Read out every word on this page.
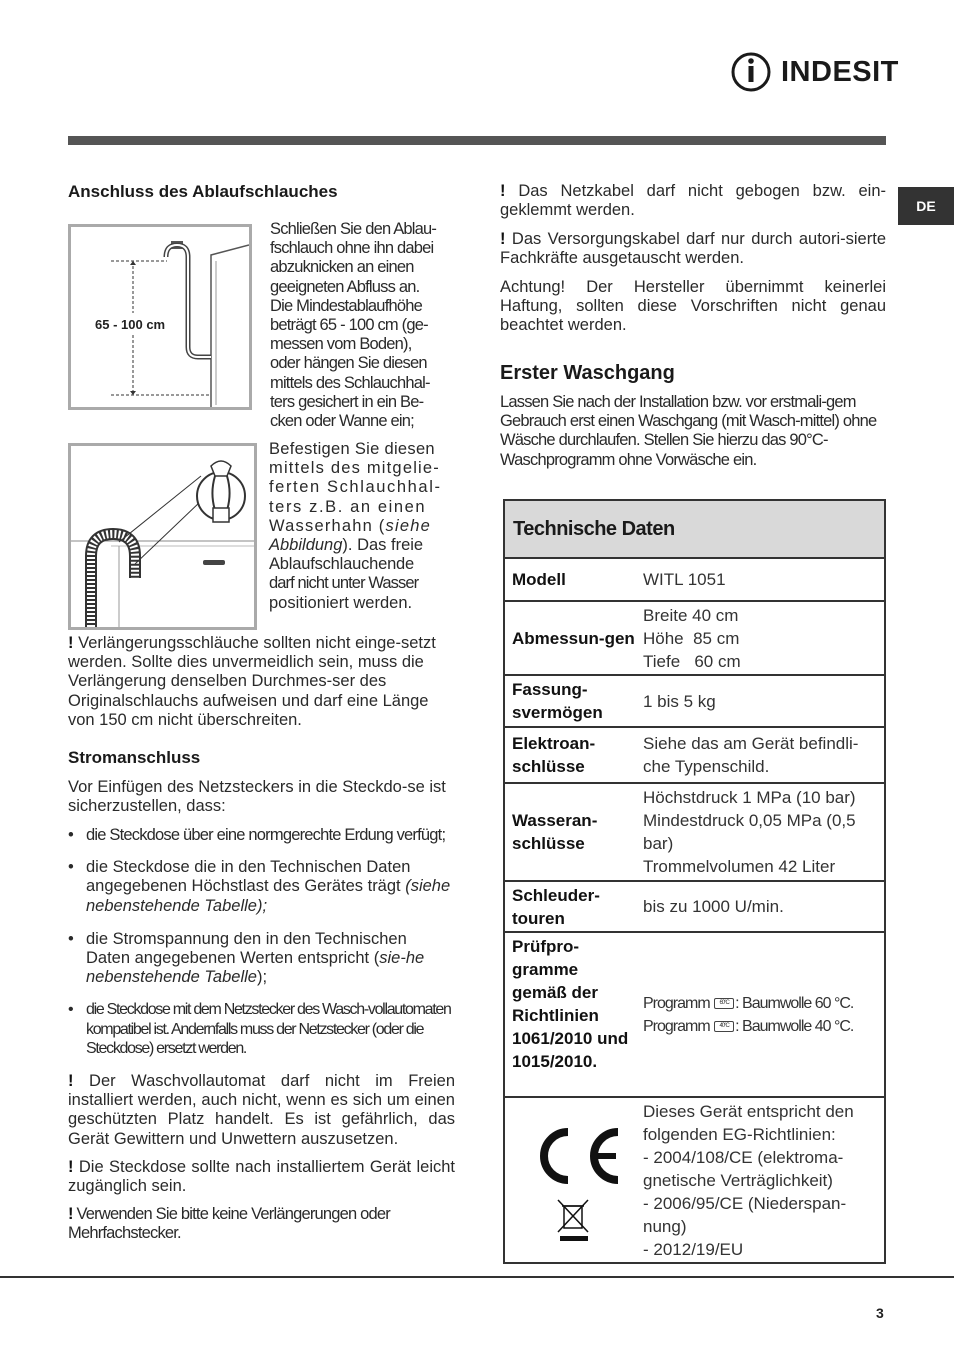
INDESIT
DE
Anschluss des Ablaufschlauches
65 - 100 cm

Schließen Sie den Ablau-

fschlauch ohne ihn dabei

abzuknicken an einen

geeigneten Abfluss an.

Die Mindestablaufhöhe

beträgt 65 - 100 cm (ge-

messen vom Boden),

oder hängen Sie diesen

mittels des Schlauchhal-

ters gesichert in ein Be-

cken oder Wanne ein;

Befestigen Sie diesen

mittels des mitgelie-

ferten Schlauchhal-

ters z.B. an einen

Wasserhahn (siehe

Abbildung). Das freie

Ablaufschlauchende

darf nicht unter Wasser

positioniert werden.

! Verlängerungsschläuche sollten nicht einge-setzt werden. Sollte dies unvermeidlich sein, muss die Verlängerung denselben Durchmes-ser des Originalschlauchs aufweisen und darf eine Länge von 150 cm nicht überschreiten.

Stromanschluss

Vor Einfügen des Netzsteckers in die Steckdo-se ist sicherzustellen, dass:

• die Steckdose über eine normgerechte Erdung verfügt;
• die Steckdose die in den Technischen Daten angegebenen Höchstlast des Gerätes trägt (siehe nebenstehende Tabelle);
• die Stromspannung den in den Technischen Daten angegebenen Werten entspricht (sie-he nebenstehende Tabelle);
• die Steckdose mit dem Netzstecker des Wasch-vollautomaten kompatibel ist. Andernfalls muss der Netzstecker (oder die Steckdose) ersetzt werden.

! Der Waschvollautomat darf nicht im Freien installiert werden, auch nicht, wenn es sich um einen geschützten Platz handelt. Es ist gefährlich, das Gerät Gewittern und Unwettern auszusetzen.

! Die Steckdose sollte nach installiertem Gerät leicht zugänglich sein.

! Verwenden Sie bitte keine Verlängerungen oder Mehrfachstecker.

! Das Netzkabel darf nicht gebogen bzw. ein-geklemmt werden.

! Das Versorgungskabel darf nur durch autori-sierte Fachkräfte ausgetauscht werden.

Achtung! Der Hersteller übernimmt keinerlei Haftung, sollten diese Vorschriften nicht genau beachtet werden.

Erster Waschgang

Lassen Sie nach der Installation bzw. vor erstmali-gem Gebrauch erst einen Waschgang (mit Wasch-mittel) ohne Wäsche durchlaufen. Stellen Sie hierzu das 90°C-Waschprogramm ohne Vorwäsche ein.

Technische Daten
Modell	WITL 1051
Abmessun-gen
Breite 40 cm
Höhe  85 cm
Tiefe   60 cm
Fassung-svermögen
1 bis 5 kg
Elektroan-schlüsse
Siehe das am Gerät befindli-che Typenschild.
Wasseran-schlüsse
Höchstdruck 1 MPa (10 bar)
Mindestdruck 0,05 MPa (0,5 bar)
Trommelvolumen 42 Liter
Schleuder-touren
bis zu 1000 U/min.
Prüfpro-gramme gemäß der Richtlinien 1061/2010 und 1015/2010.
Programm 60°C : Baumwolle 60 °C.
Programm 40°C : Baumwolle 40 °C.
Dieses Gerät entspricht den folgenden EG-Richtlinien:
- 2004/108/CE (elektroma-gnetische Verträglichkeit)
- 2006/95/CE (Niederspan-nung)
- 2012/19/EU
3
